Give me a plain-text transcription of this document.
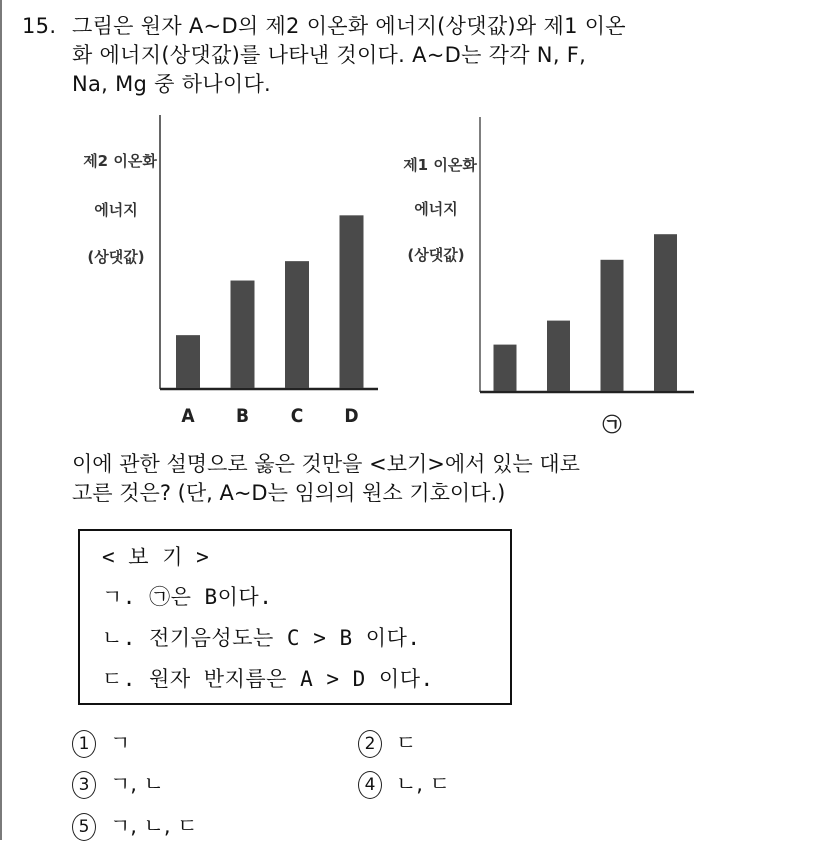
15. 그림은 원자 A~D의 제2 이온화 에너지(상댓값)와 제1 이온
화 에너지(상댓값)를 나타낸 것이다. A~D는 각각 N, F,
Na, Mg 중 하나이다.
제2 이온화
에너지
(상댓값)
A B C D
제1 이온화
에너지
(상댓값)
㉠
이에 관한 설명으로 옳은 것만을 <보기>에서 있는 대로
고른 것은? (단, A~D는 임의의 원소 기호이다.)
< 보 기 >
ㄱ. ㉠은 B이다.
ㄴ. 전기음성도는 C > B 이다.
ㄷ. 원자 반지름은 A > D 이다.
1 ㄱ	2 ㄷ
3 ㄱ, ㄴ	4 ㄴ, ㄷ
5 ㄱ, ㄴ, ㄷ
